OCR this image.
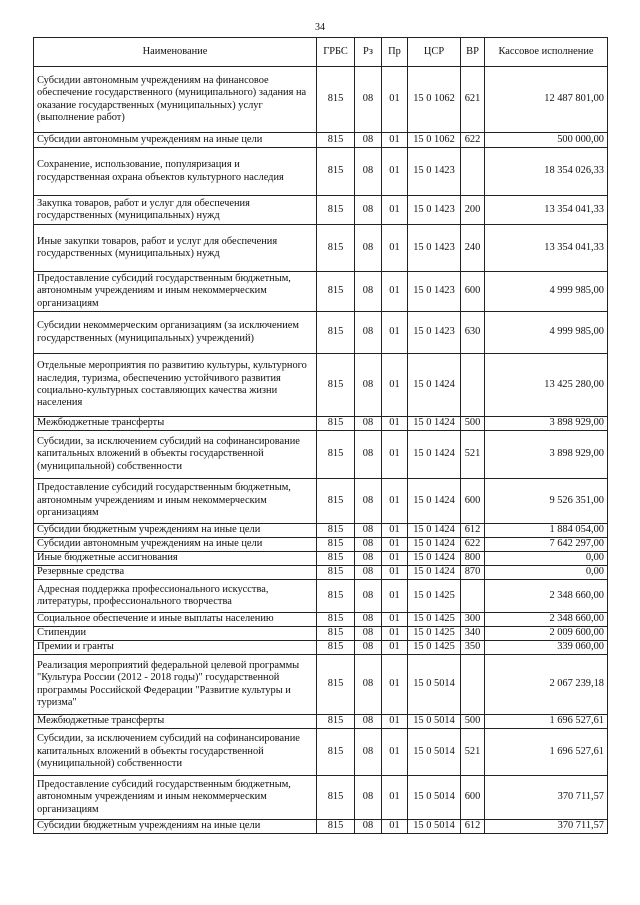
34
Наименование	ГРБС	Рз	Пр	ЦСР	ВР	Кассовое исполнение
Субсидии автономным учреждениям на финансовое обеспечение государственного (муниципального) задания на оказание государственных (муниципальных) услуг (выполнение работ)	815	08	01	15 0 1062	621	12 487 801,00
Субсидии автономным учреждениям на иные цели	815	08	01	15 0 1062	622	500 000,00
Сохранение, использование, популяризация и государственная охрана объектов культурного наследия	815	08	01	15 0 1423		18 354 026,33
Закупка товаров, работ и услуг для обеспечения государственных (муниципальных) нужд	815	08	01	15 0 1423	200	13 354 041,33
Иные закупки товаров, работ и услуг для обеспечения государственных (муниципальных) нужд	815	08	01	15 0 1423	240	13 354 041,33
Предоставление субсидий государственным бюджетным, автономным учреждениям и иным некоммерческим организациям	815	08	01	15 0 1423	600	4 999 985,00
Субсидии некоммерческим организациям (за исключением государственных (муниципальных) учреждений)	815	08	01	15 0 1423	630	4 999 985,00
Отдельные мероприятия по развитию культуры, культурного наследия, туризма, обеспечению устойчивого развития социально-культурных составляющих качества жизни населения	815	08	01	15 0 1424		13 425 280,00
Межбюджетные трансферты	815	08	01	15 0 1424	500	3 898 929,00
Субсидии, за исключением субсидий на софинансирование капитальных вложений в объекты государственной (муниципальной) собственности	815	08	01	15 0 1424	521	3 898 929,00
Предоставление субсидий государственным бюджетным, автономным учреждениям и иным некоммерческим организациям	815	08	01	15 0 1424	600	9 526 351,00
Субсидии бюджетным учреждениям на иные цели	815	08	01	15 0 1424	612	1 884 054,00
Субсидии автономным учреждениям на иные цели	815	08	01	15 0 1424	622	7 642 297,00
Иные бюджетные ассигнования	815	08	01	15 0 1424	800	0,00
Резервные средства	815	08	01	15 0 1424	870	0,00
Адресная поддержка профессионального искусства, литературы, профессионального творчества	815	08	01	15 0 1425		2 348 660,00
Социальное обеспечение и иные выплаты населению	815	08	01	15 0 1425	300	2 348 660,00
Стипендии	815	08	01	15 0 1425	340	2 009 600,00
Премии и гранты	815	08	01	15 0 1425	350	339 060,00
Реализация мероприятий федеральной целевой программы "Культура России (2012 - 2018 годы)" государственной программы Российской Федерации "Развитие культуры и туризма"	815	08	01	15 0 5014		2 067 239,18
Межбюджетные трансферты	815	08	01	15 0 5014	500	1 696 527,61
Субсидии, за исключением субсидий на софинансирование капитальных вложений в объекты государственной (муниципальной) собственности	815	08	01	15 0 5014	521	1 696 527,61
Предоставление субсидий государственным бюджетным, автономным учреждениям и иным некоммерческим организациям	815	08	01	15 0 5014	600	370 711,57
Субсидии бюджетным учреждениям на иные цели	815	08	01	15 0 5014	612	370 711,57
